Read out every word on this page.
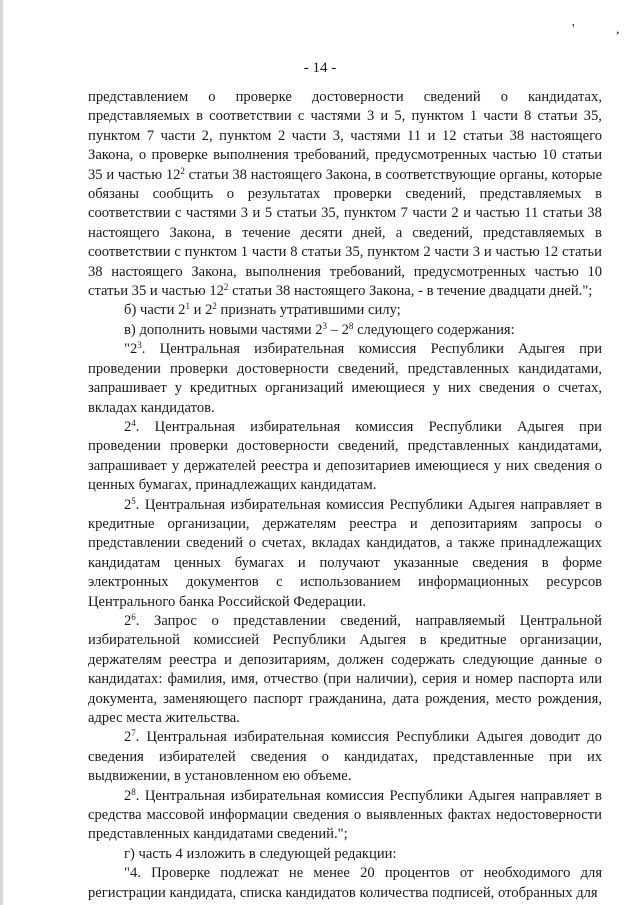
'	,
- 14 -

представлением о проверке достоверности сведений о кандидатах, представляемых в соответствии с частями 3 и 5, пунктом 1 части 8 статьи 35, пунктом 7 части 2, пунктом 2 части 3, частями 11 и 12 статьи 38 настоящего Закона, о проверке выполнения требований, предусмотренных частью 10 статьи 35 и частью $12^2$ статьи 38 настоящего Закона, в соответствующие органы, которые обязаны сообщить о результатах проверки сведений, представляемых в соответствии с частями 3 и 5 статьи 35, пунктом 7 части 2 и частью 11 статьи 38 настоящего Закона, в течение десяти дней, а сведений, представляемых в соответствии с пунктом 1 части 8 статьи 35, пунктом 2 части 3 и частью 12 статьи 38 настоящего Закона, выполнения требований, предусмотренных частью 10 статьи 35 и частью $12^2$ статьи 38 настоящего Закона, - в течение двадцати дней.";

б) части $2^1$ и $2^2$ признать утратившими силу;

в) дополнить новыми частями $2^3 - 2^8$ следующего содержания:

"$2^3$. Центральная избирательная комиссия Республики Адыгея при проведении проверки достоверности сведений, представленных кандидатами, запрашивает у кредитных организаций имеющиеся у них сведения о счетах, вкладах кандидатов.

$2^4$. Центральная избирательная комиссия Республики Адыгея при проведении проверки достоверности сведений, представленных кандидатами, запрашивает у держателей реестра и депозитариев имеющиеся у них сведения о ценных бумагах, принадлежащих кандидатам.

$2^5$. Центральная избирательная комиссия Республики Адыгея направляет в кредитные организации, держателям реестра и депозитариям запросы о представлении сведений о счетах, вкладах кандидатов, а также принадлежащих кандидатам ценных бумагах и получают указанные сведения в форме электронных документов с использованием информационных ресурсов Центрального банка Российской Федерации.

$2^6$. Запрос о представлении сведений, направляемый Центральной избирательной комиссией Республики Адыгея в кредитные организации, держателям реестра и депозитариям, должен содержать следующие данные о кандидатах: фамилия, имя, отчество (при наличии), серия и номер паспорта или документа, заменяющего паспорт гражданина, дата рождения, место рождения, адрес места жительства.

$2^7$. Центральная избирательная комиссия Республики Адыгея доводит до сведения избирателей сведения о кандидатах, представленные при их выдвижении, в установленном ею объеме.

$2^8$. Центральная избирательная комиссия Республики Адыгея направляет в средства массовой информации сведения о выявленных фактах недостоверности представленных кандидатами сведений.";

г) часть 4 изложить в следующей редакции:

"4. Проверке подлежат не менее 20 процентов от необходимого для регистрации кандидата, списка кандидатов количества подписей, отобранных для
